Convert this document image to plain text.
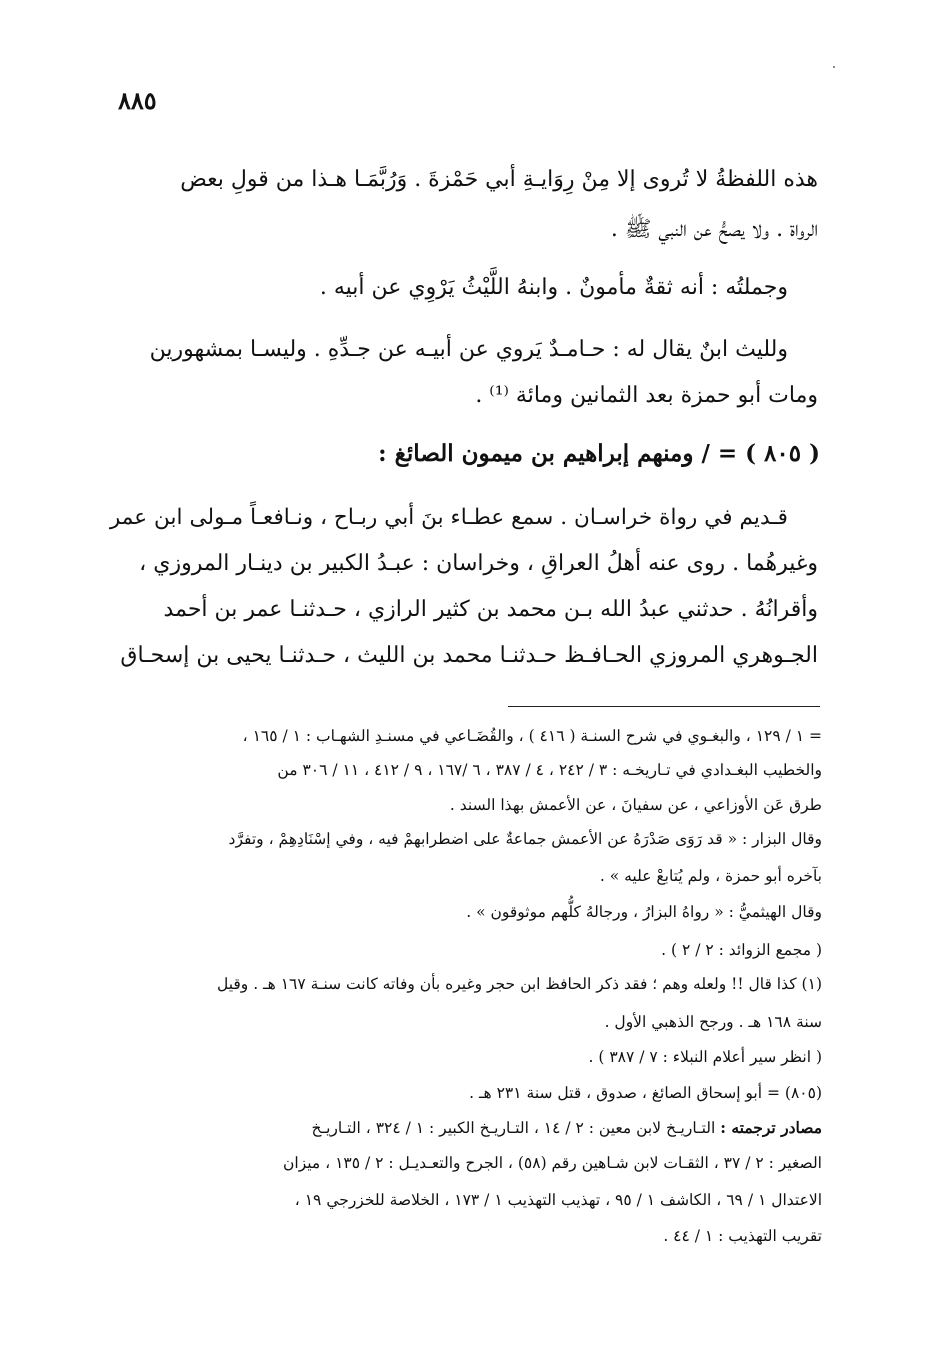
٨٨٥
هذه اللفظةُ لا تُروى إلا مِنْ رِوَايـةِ أبي حَمْزةَ . وَرُبَّمَـا هـذا من قولِ بعض
الرواة . ولا يصحُّ عن النبي ﷺ .
وجملتُه : أنه ثقةٌ مأمونٌ . وابنهُ اللَّيْثُ يَرْوِي عن أبيه .
ولليث ابنٌ يقال له : حـامـدٌ يَروي عن أبيـه عن جـدِّهِ . وليسـا بمشهورين
ومات أبو حمزة بعد الثمانين ومائة ⁽¹⁾ .
( ٨٠٥ ) = / ومنهم إبراهيم بن ميمون الصائغ :
قـديم في رواة خراسـان . سمع عطـاء بنَ أبي ربـاح ، ونـافعـاً مـولى ابن عمر
وغيرهُما . روى عنه أهلُ العراقِ ، وخراسان : عبـدُ الكبير بن دينـار المروزي ،
وأقرانُهُ . حدثني عبدُ الله بـن محمد بن كثير الرازي ، حـدثنـا عمر بن أحمد
الجـوهري المروزي الحـافـظ حـدثنـا محمد بن الليث ، حـدثنـا يحيى بن إسحـاق
= ١ / ١٢٩ ، والبغـوي في شرح السنـة ( ٤١٦ ) ، والقُضَـاعي في مسنـدِ الشهـاب : ١ / ١٦٥ ،
والخطيب البغـدادي في تـاريخـه : ٣ / ٢٤٢ ، ٤ / ٣٨٧ ، ٦ /١٦٧ ، ٩ / ٤١٢ ، ١١ / ٣٠٦ من
طرق عَن الأوزاعي ، عن سفيانَ ، عن الأعمش بهذا السند .
وقال البزار : « قد رَوَى صَدْرَهُ عن الأعمش جماعةٌ على اضطرابهمْ فيه ، وفي إسْنَادِهِمْ ، وتفرَّد
بآخره أبو حمزة ، ولم يُتابعْ عليه » .
وقال الهيثميُّ : « رواهُ البزارُ ، ورجالهُ كلُّهم موثوقون » .
( مجمع الزوائد : ٢ / ٢ ) .
(١) كذا قال !! ولعله وهم ؛ فقد ذكر الحافظ ابن حجر وغيره بأن وفاته كانت سنـة ١٦٧ هـ . وقيل
سنة ١٦٨ هـ . ورجح الذهبي الأول .
( انظر سير أعلام النبلاء : ٧ / ٣٨٧ ) .
(٨٠٥) = أبو إسحاق الصائغ ، صدوق ، قتل سنة ٢٣١ هـ .
مصادر ترجمته : التـاريـخ لابن معين : ٢ / ١٤ ، التـاريـخ الكبير : ١ / ٣٢٤ ، التـاريـخ
الصغير : ٢ / ٣٧ ، الثقـات لابن شـاهين رقم (٥٨) ، الجرح والتعـديـل : ٢ / ١٣٥ ، ميزان
الاعتدال ١ / ٦٩ ، الكاشف ١ / ٩٥ ، تهذيب التهذيب ١ / ١٧٣ ، الخلاصة للخزرجي ١٩ ،
تقريب التهذيب : ١ / ٤٤ .
